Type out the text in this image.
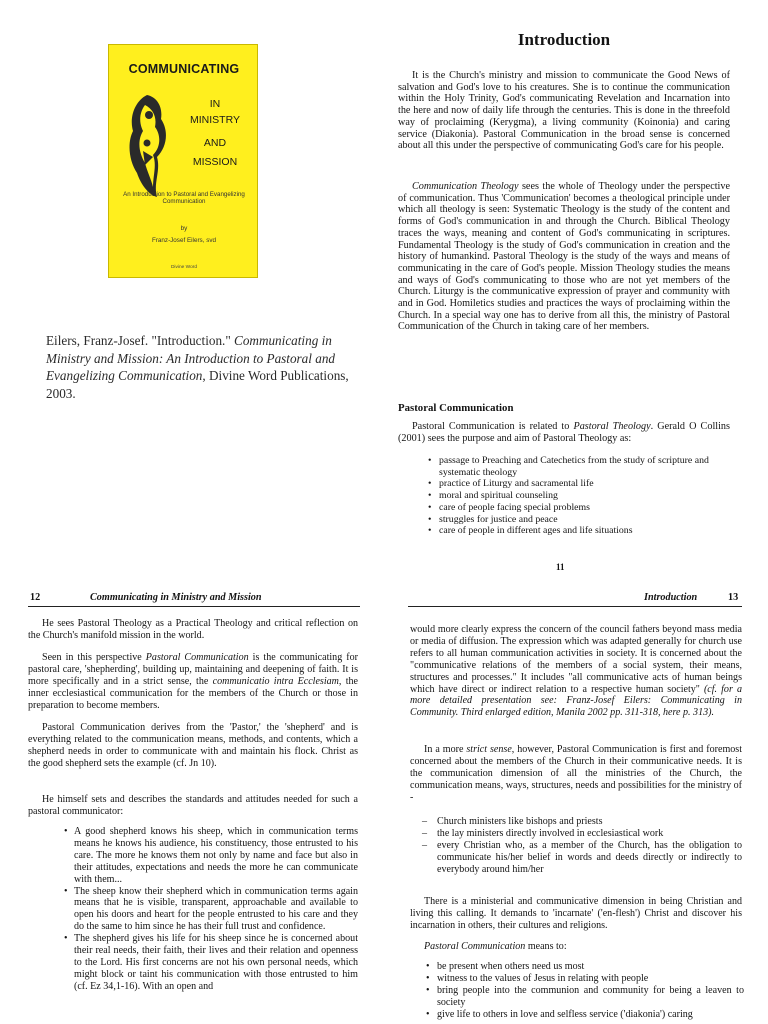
COMMUNICATING
IN
MINISTRY
AND
MISSION
An Introduction to Pastoral and Evangelizing Communication
by
Franz-Josef Eilers, svd
Divine Word
Eilers, Franz-Josef. "Introduction." Communicating in Ministry and Mission: An Introduction to Pastoral and Evangelizing Communication, Divine Word Publications, 2003.
Introduction

It is the Church's ministry and mission to communicate the Good News of salvation and God's love to his creatures. She is to continue the communication within the Holy Trinity, God's communicating Revelation and Incarnation into the here and now of daily life through the centuries. This is done in the threefold way of proclaiming (Kerygma), a living community (Koinonia) and caring service (Diakonia). Pastoral Communication in the broad sense is concerned about all this under the perspective of communicating God's care for his people.

Communication Theology sees the whole of Theology under the perspective of communication. Thus 'Communication' becomes a theological principle under which all theology is seen: Systematic Theology is the study of the content and forms of God's communication in and through the Church. Biblical Theology traces the ways, meaning and content of God's communicating in scriptures. Fundamental Theology is the study of God's communication in creation and the history of humankind. Pastoral Theology is the study of the ways and means of communicating in the care of God's people. Mission Theology studies the means and ways of God's communicating to those who are not yet members of the Church. Liturgy is the communicative expression of prayer and community with and in God. Homiletics studies and practices the ways of proclaiming within the Church. In a special way one has to derive from all this, the ministry of Pastoral Communication of the Church in taking care of her members.

Pastoral Communication

Pastoral Communication is related to Pastoral Theology. Gerald O Collins (2001) sees the purpose and aim of Pastoral Theology as:

• passage to Preaching and Catechetics from the study of scripture and systematic theology
• practice of Liturgy and sacramental life
• moral and spiritual counseling
• care of people facing special problems
• struggles for justice and peace
• care of people in different ages and life situations
11
12	Communicating in Ministry and Mission

He sees Pastoral Theology as a Practical Theology and critical reflection on the Church's manifold mission in the world.

Seen in this perspective Pastoral Communication is the communicating for pastoral care, 'shepherding', building up, maintaining and deepening of faith. It is more specifically and in a strict sense, the communicatio intra Ecclesiam, the inner ecclesiastical communication for the members of the Church or those in preparation to become members.

Pastoral Communication derives from the 'Pastor,' the 'shepherd' and is everything related to the communication means, methods, and contents, which a shepherd needs in order to communicate with and maintain his flock. Christ as the good shepherd sets the example (cf. Jn 10).

He himself sets and describes the standards and attitudes needed for such a pastoral communicator:

• A good shepherd knows his sheep, which in communication terms means he knows his audience, his constituency, those entrusted to his care. The more he knows them not only by name and face but also in their attitudes, expectations and needs the more he can communicate with them...
• The sheep know their shepherd which in communication terms again means that he is visible, transparent, approachable and available to open his doors and heart for the people entrusted to his care and they do the same to him since he has their full trust and confidence.
• The shepherd gives his life for his sheep since he is concerned about their real needs, their faith, their lives and their relation and openness to the Lord. His first concerns are not his own personal needs, which might block or taint his communication with those entrusted to him (cf. Ez 34,1-16). With an open and
Introduction	13

would more clearly express the concern of the council fathers beyond mass media or media of diffusion. The expression which was adapted generally for church use refers to all human communication activities in society. It is concerned about the "communicative relations of the members of a social system, their means, structures and processes." It includes "all communicative acts of human beings which have direct or indirect relation to a respective human society" (cf. for a more detailed presentation see: Franz-Josef Eilers: Communicating in Community. Third enlarged edition, Manila 2002 pp. 311-318, here p. 313).

In a more strict sense, however, Pastoral Communication is first and foremost concerned about the members of the Church in their communicative needs. It is the communication dimension of all the ministries of the Church, the communication means, ways, structures, needs and possibilities for the ministry of -

– Church ministers like bishops and priests
– the lay ministers directly involved in ecclesiastical work
– every Christian who, as a member of the Church, has the obligation to communicate his/her belief in words and deeds directly or indirectly to everybody around him/her

There is a ministerial and communicative dimension in being Christian and living this calling. It demands to 'incarnate' ('en-flesh') Christ and discover his incarnation in others, their cultures and religions.

Pastoral Communication means to:

• be present when others need us most
• witness to the values of Jesus in relating with people
• bring people into the communion and community for being a leaven to society
• give life to others in love and selfless service ('diakonia') caring
